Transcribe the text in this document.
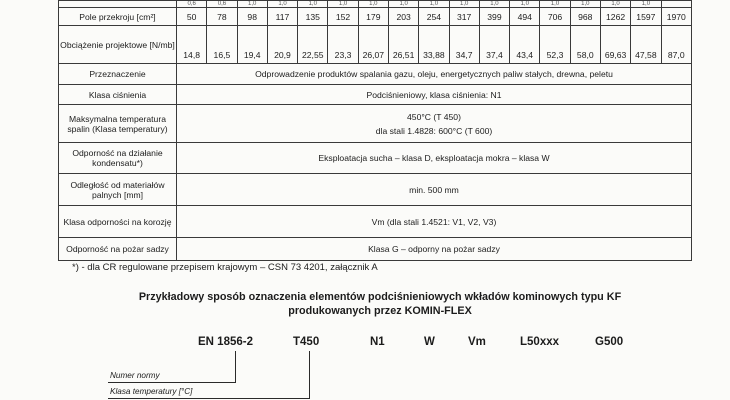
	0,6	0,6	1,0	1,0	1,0	1,0	1,0	1,0	1,0	1,0	1,0	1,0	1,0	1,0	1,0	1,0	
Pole przekroju [cm²]	50	78	98	117	135	152	179	203	254	317	399	494	706	968	1262	1597	1970
Obciążenie projektowe [N/mb]	14,8	16,5	19,4	20,9	22,55	23,3	26,07	26,51	33,88	34,7	37,4	43,4	52,3	58,0	69,63	47,58	87,0
Przeznaczenie	Odprowadzenie produktów spalania gazu, oleju, energetycznych paliw stałych, drewna, peletu																
Klasa ciśnienia	Podciśnieniowy, klasa ciśnienia: N1																
Maksymalna temperatura spalin (Klasa temperatury)	450°C (T 450)
dla stali 1.4828: 600°C (T 600)																

Odporność na działanie kondensatu*)	Eksploatacja sucha – klasa D, eksploatacja mokra – klasa W																
Odległość od materiałów palnych [mm]	min. 500 mm																
Klasa odporności na korozję	Vm (dla stali 1.4521: V1, V2, V3)																
Odporność na pożar sadzy	Klasa G – odporny na pożar sadzy																
*) - dla CR regulowane przepisem krajowym – CSN 73 4201, załącznik A
Przykładowy sposób oznaczenia elementów podciśnieniowych wkładów kominowych typu KF
produkowanych przez KOMIN-FLEX
EN 1856-2	T450	N1	W	Vm	L50xxx	G500
Numer normy
Klasa temperatury [°C]
